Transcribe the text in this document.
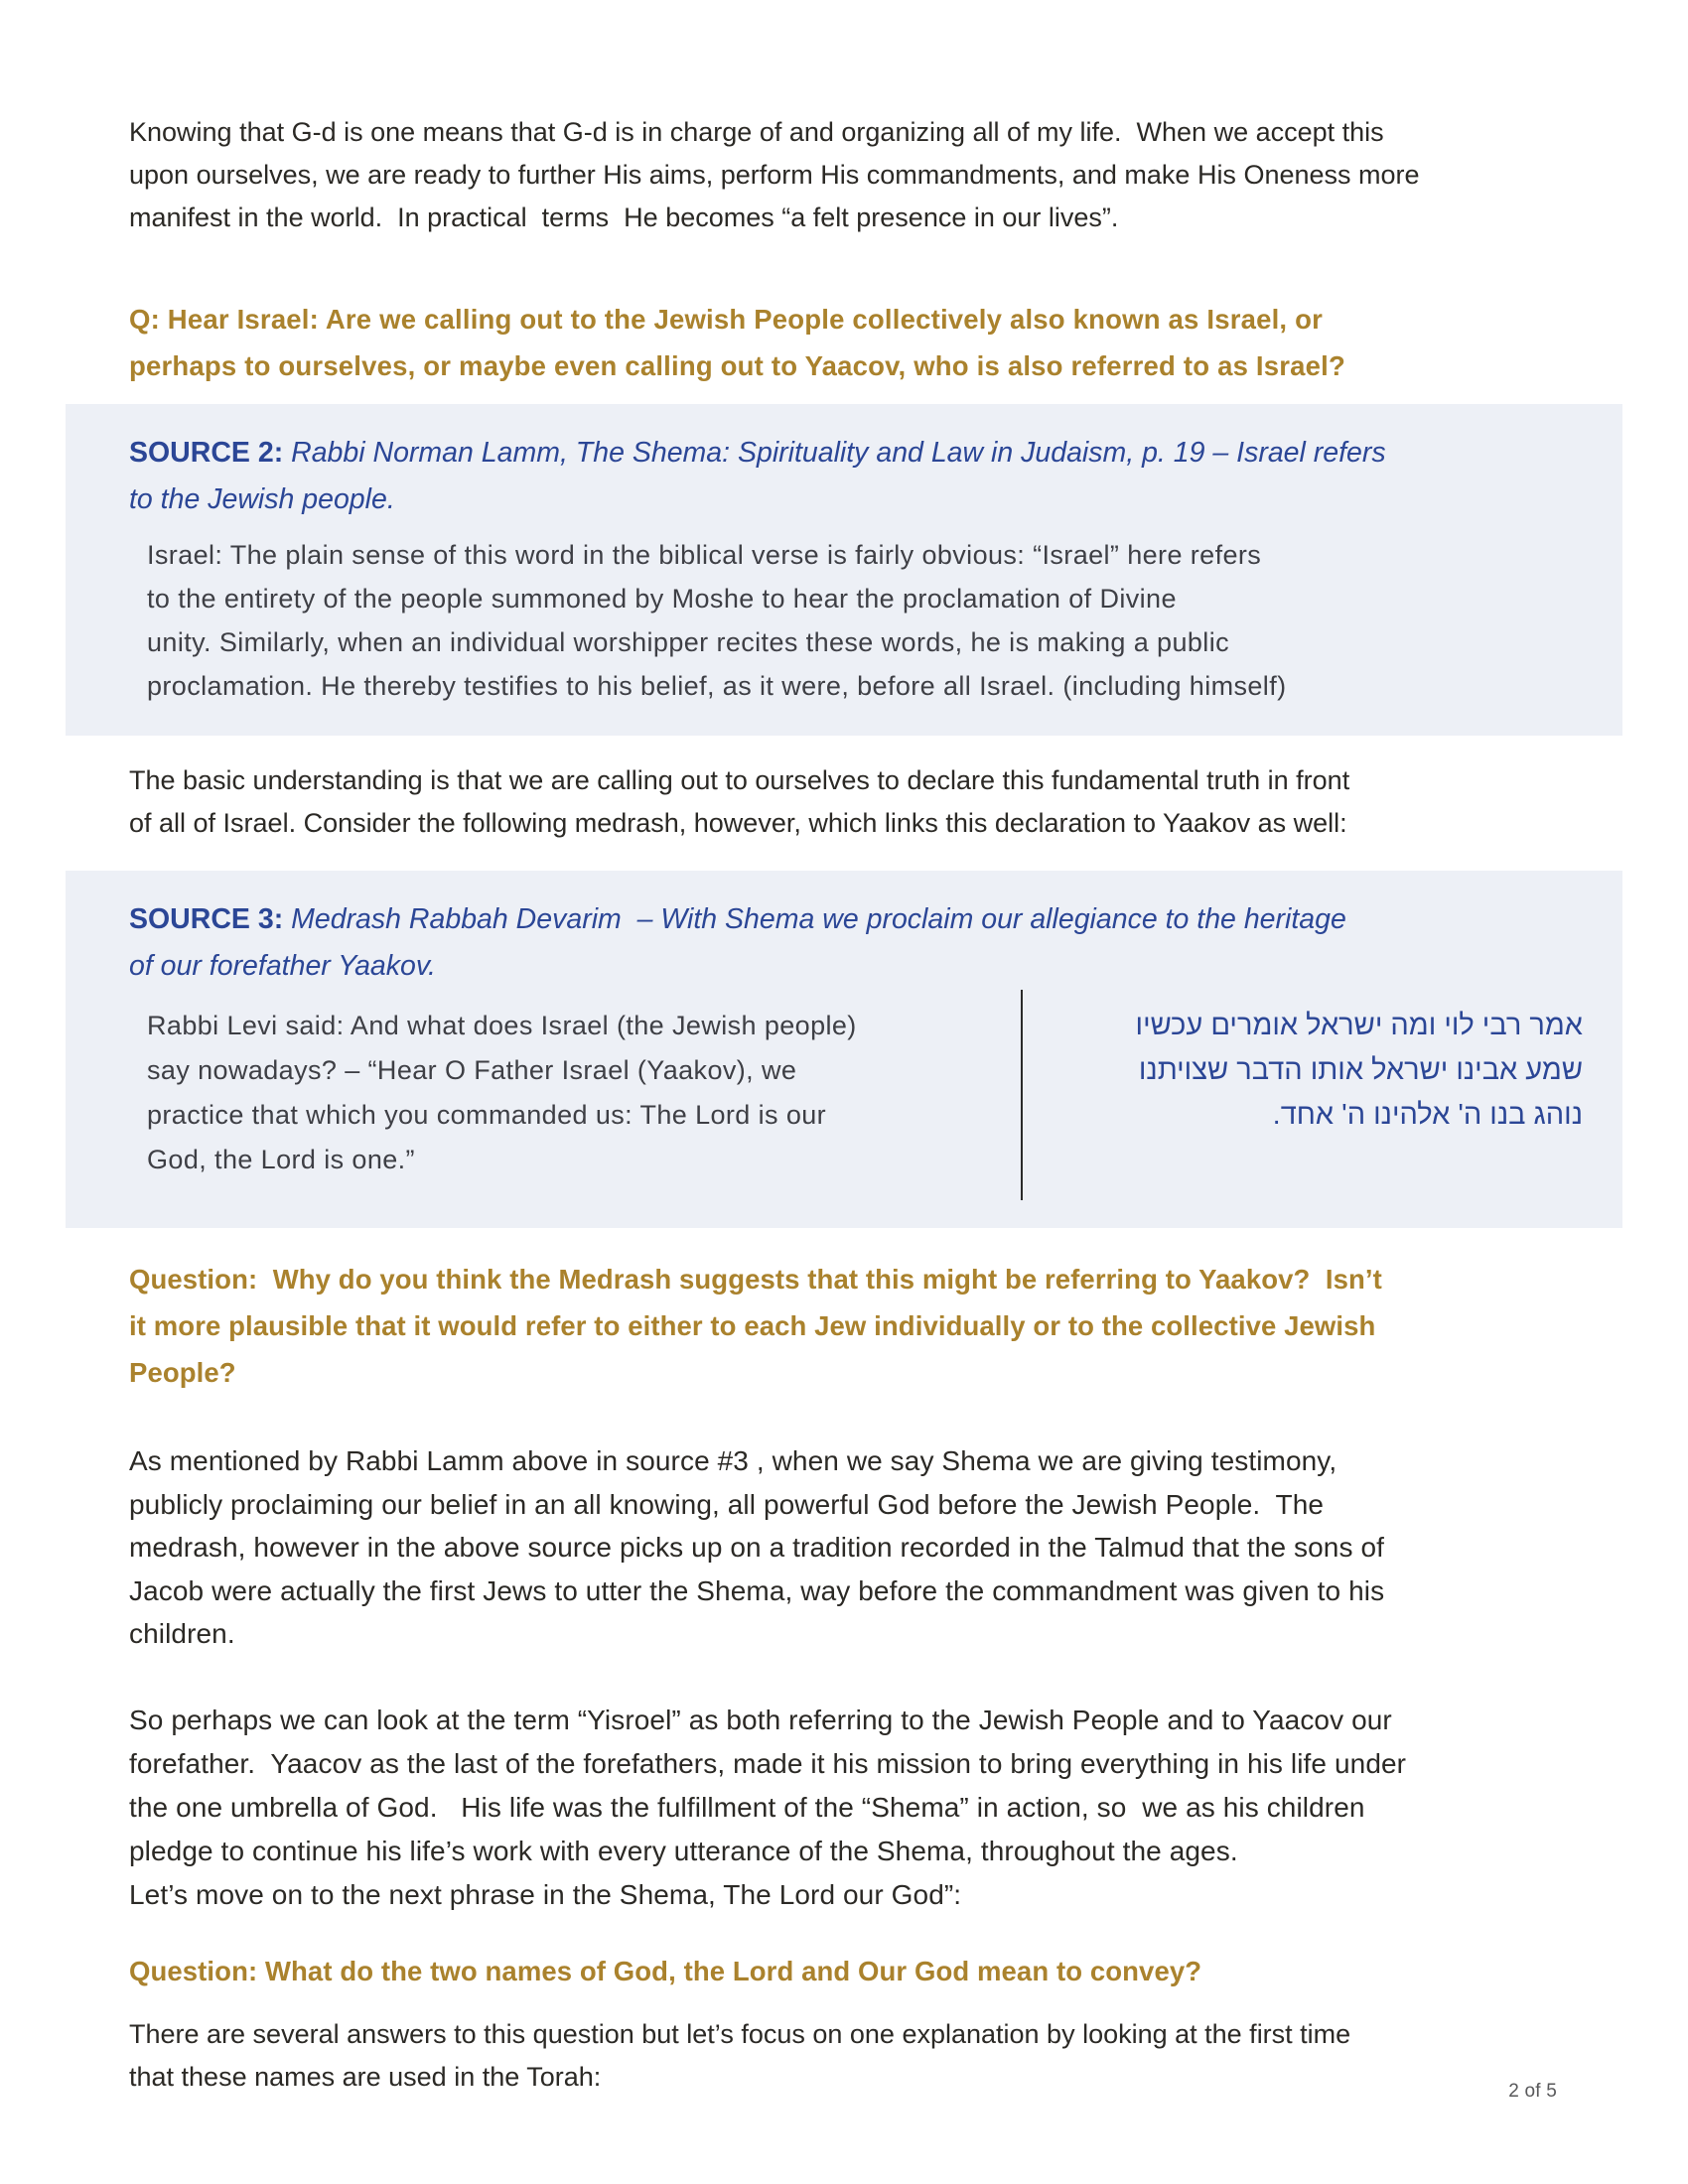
Knowing that G-d is one means that G-d is in charge of and organizing all of my life.  When we accept this
upon ourselves, we are ready to further His aims, perform His commandments, and make His Oneness more
manifest in the world.  In practical  terms  He becomes “a felt presence in our lives”.

Q: Hear Israel: Are we calling out to the Jewish People collectively also known as Israel, or
perhaps to ourselves, or maybe even calling out to Yaacov, who is also referred to as Israel?

SOURCE 2: Rabbi Norman Lamm, The Shema: Spirituality and Law in Judaism, p. 19 – Israel refers
to the Jewish people.

Israel: The plain sense of this word in the biblical verse is fairly obvious: “Israel” here refers
to the entirety of the people summoned by Moshe to hear the proclamation of Divine
unity. Similarly, when an individual worshipper recites these words, he is making a public
proclamation. He thereby testifies to his belief, as it were, before all Israel. (including himself)

The basic understanding is that we are calling out to ourselves to declare this fundamental truth in front
of all of Israel. Consider the following medrash, however, which links this declaration to Yaakov as well:

SOURCE 3: Medrash Rabbah Devarim  – With Shema we proclaim our allegiance to the heritage
of our forefather Yaakov.

Rabbi Levi said: And what does Israel (the Jewish people)
say nowadays? – “Hear O Father Israel (Yaakov), we
practice that which you commanded us: The Lord is our
God, the Lord is one.”
אמר רבי לוי ומה ישראל אומרים עכשיו
שמע אבינו ישראל אותו הדבר שצויתנו
נוהג בנו ה' אלהינו ה' אחד.

Question:  Why do you think the Medrash suggests that this might be referring to Yaakov?  Isn’t
it more plausible that it would refer to either to each Jew individually or to the collective Jewish
People?

As mentioned by Rabbi Lamm above in source #3 , when we say Shema we are giving testimony,
publicly proclaiming our belief in an all knowing, all powerful God before the Jewish People.  The
medrash, however in the above source picks up on a tradition recorded in the Talmud that the sons of
Jacob were actually the first Jews to utter the Shema, way before the commandment was given to his
children.

So perhaps we can look at the term “Yisroel” as both referring to the Jewish People and to Yaacov our
forefather.  Yaacov as the last of the forefathers, made it his mission to bring everything in his life under
the one umbrella of God.   His life was the fulfillment of the “Shema” in action, so  we as his children
pledge to continue his life’s work with every utterance of the Shema, throughout the ages.
Let’s move on to the next phrase in the Shema, The Lord our God”:

Question: What do the two names of God, the Lord and Our God mean to convey?

There are several answers to this question but let’s focus on one explanation by looking at the first time
that these names are used in the Torah:	2 of 5
